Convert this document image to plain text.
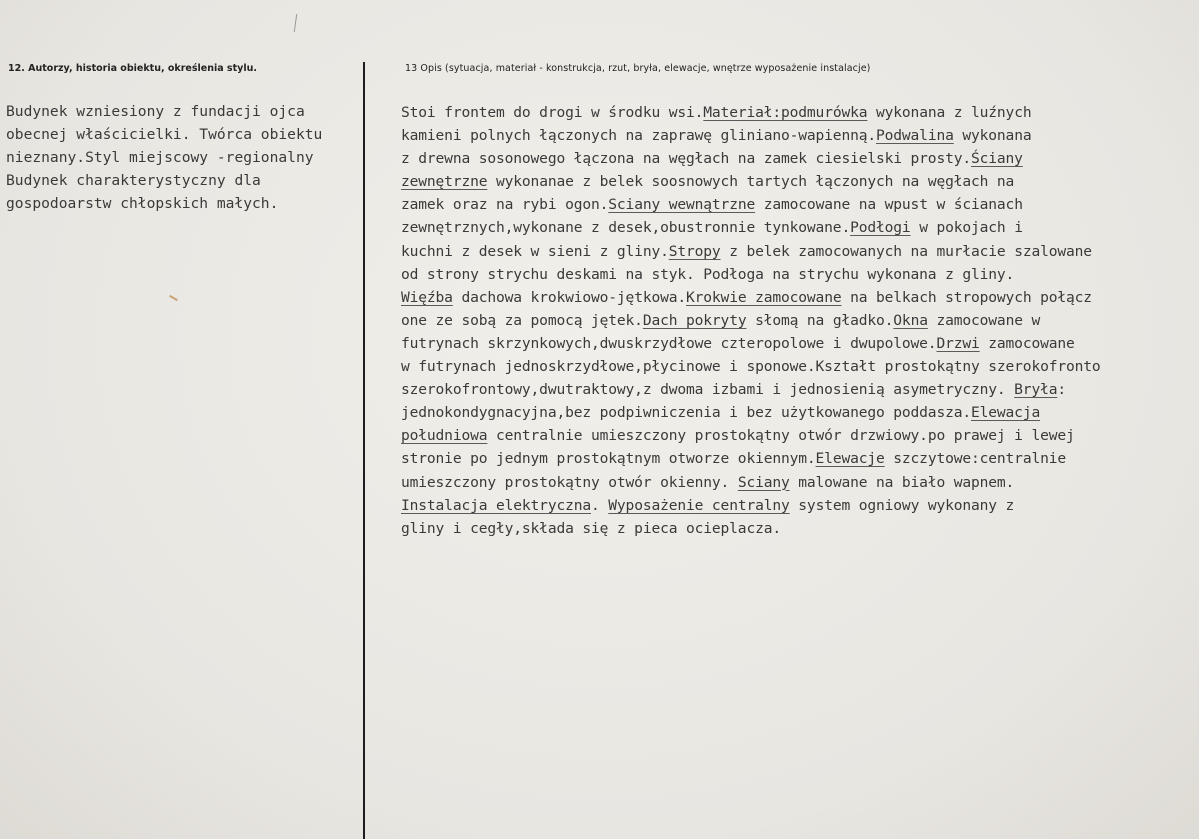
12. Autorzy, historia obiektu, określenia stylu.	13 Opis (sytuacja, materiał - konstrukcja, rzut, bryła, elewacje, wnętrze wyposażenie instalacje)
Budynek wzniesiony z fundacji ojca
obecnej właścicielki. Twórca obiektu
nieznany.Styl miejscowy -regionalny
Budynek charakterystyczny dla
gospodoarstw chłopskich małych.
Stoi frontem do drogi w środku wsi.Materiał:podmurówka wykonana z luźnych
kamieni polnych łączonych na zaprawę gliniano-wapienną.Podwalina wykonana
z drewna sosonowego łączona na węgłach na zamek ciesielski prosty.Ściany
zewnętrzne wykonanae z belek soosnowych tartych łączonych na węgłach na
zamek oraz na rybi ogon.Sciany wewnątrzne zamocowane na wpust w ścianach
zewnętrznych,wykonane z desek,obustronnie tynkowane.Podłogi w pokojach i
kuchni z desek w sieni z gliny.Stropy z belek zamocowanych na murłacie szalowane
od strony strychu deskami na styk. Podłoga na strychu wykonana z gliny.
Więźba dachowa krokwiowo-jętkowa.Krokwie zamocowane na belkach stropowych połącz
one ze sobą za pomocą jętek.Dach pokryty słomą na gładko.Okna zamocowane w
futrynach skrzynkowych,dwuskrzydłowe czteropolowe i dwupolowe.Drzwi zamocowane
w futrynach jednoskrzydłowe,płycinowe i sponowe.Kształt prostokątny szerokofronto
szerokofrontowy,dwutraktowy,z dwoma izbami i jednosienią asymetryczny. Bryła:
jednokondygnacyjna,bez podpiwniczenia i bez użytkowanego poddasza.Elewacja
południowa centralnie umieszczony prostokątny otwór drzwiowy.po prawej i lewej
stronie po jednym prostokątnym otworze okiennym.Elewacje szczytowe:centralnie
umieszczony prostokątny otwór okienny. Sciany malowane na biało wapnem.
Instalacja elektryczna. Wyposażenie centralny system ogniowy wykonany z
gliny i cegły,składa się z pieca ocieplacza.
